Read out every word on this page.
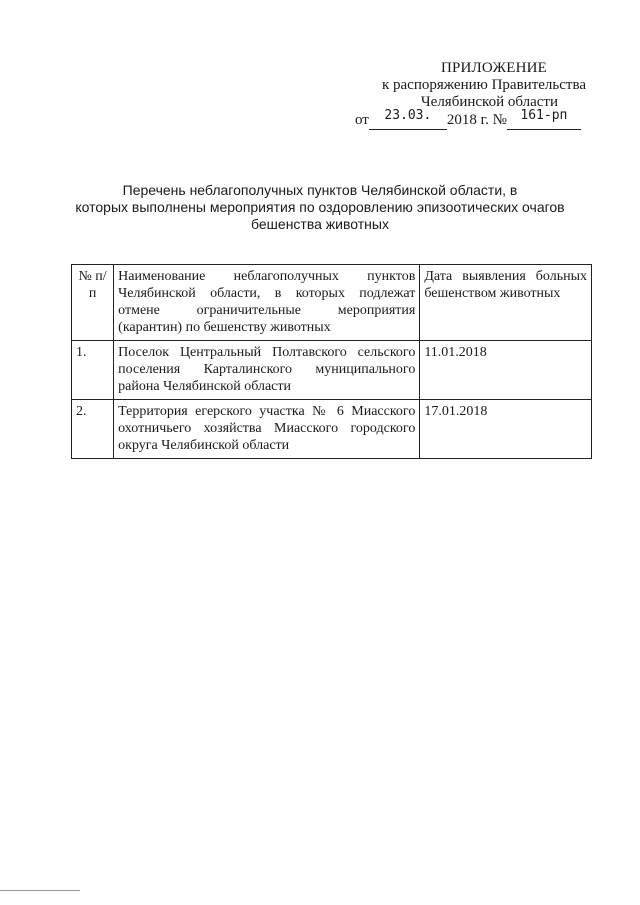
ПРИЛОЖЕНИЕ
к распоряжению Правительства
Челябинской области
от 23.03. 2018 г. № 161-рп
Перечень неблагополучных пунктов Челябинской области, в
которых выполнены мероприятия по оздоровлению эпизоотических очагов
бешенства животных
№ п/п	Наименование неблагополучных пунктов Челябинской области, в которых подлежат отмене ограничительные мероприятия (карантин) по бешенству животных	Дата выявления больных бешенством животных
1.	Поселок Центральный Полтавского сельского поселения Карталинского муниципального района Челябинской области	11.01.2018
2.	Территория егерского участка № 6 Миасского охотничьего хозяйства Миасского городского округа Челябинской области	17.01.2018
